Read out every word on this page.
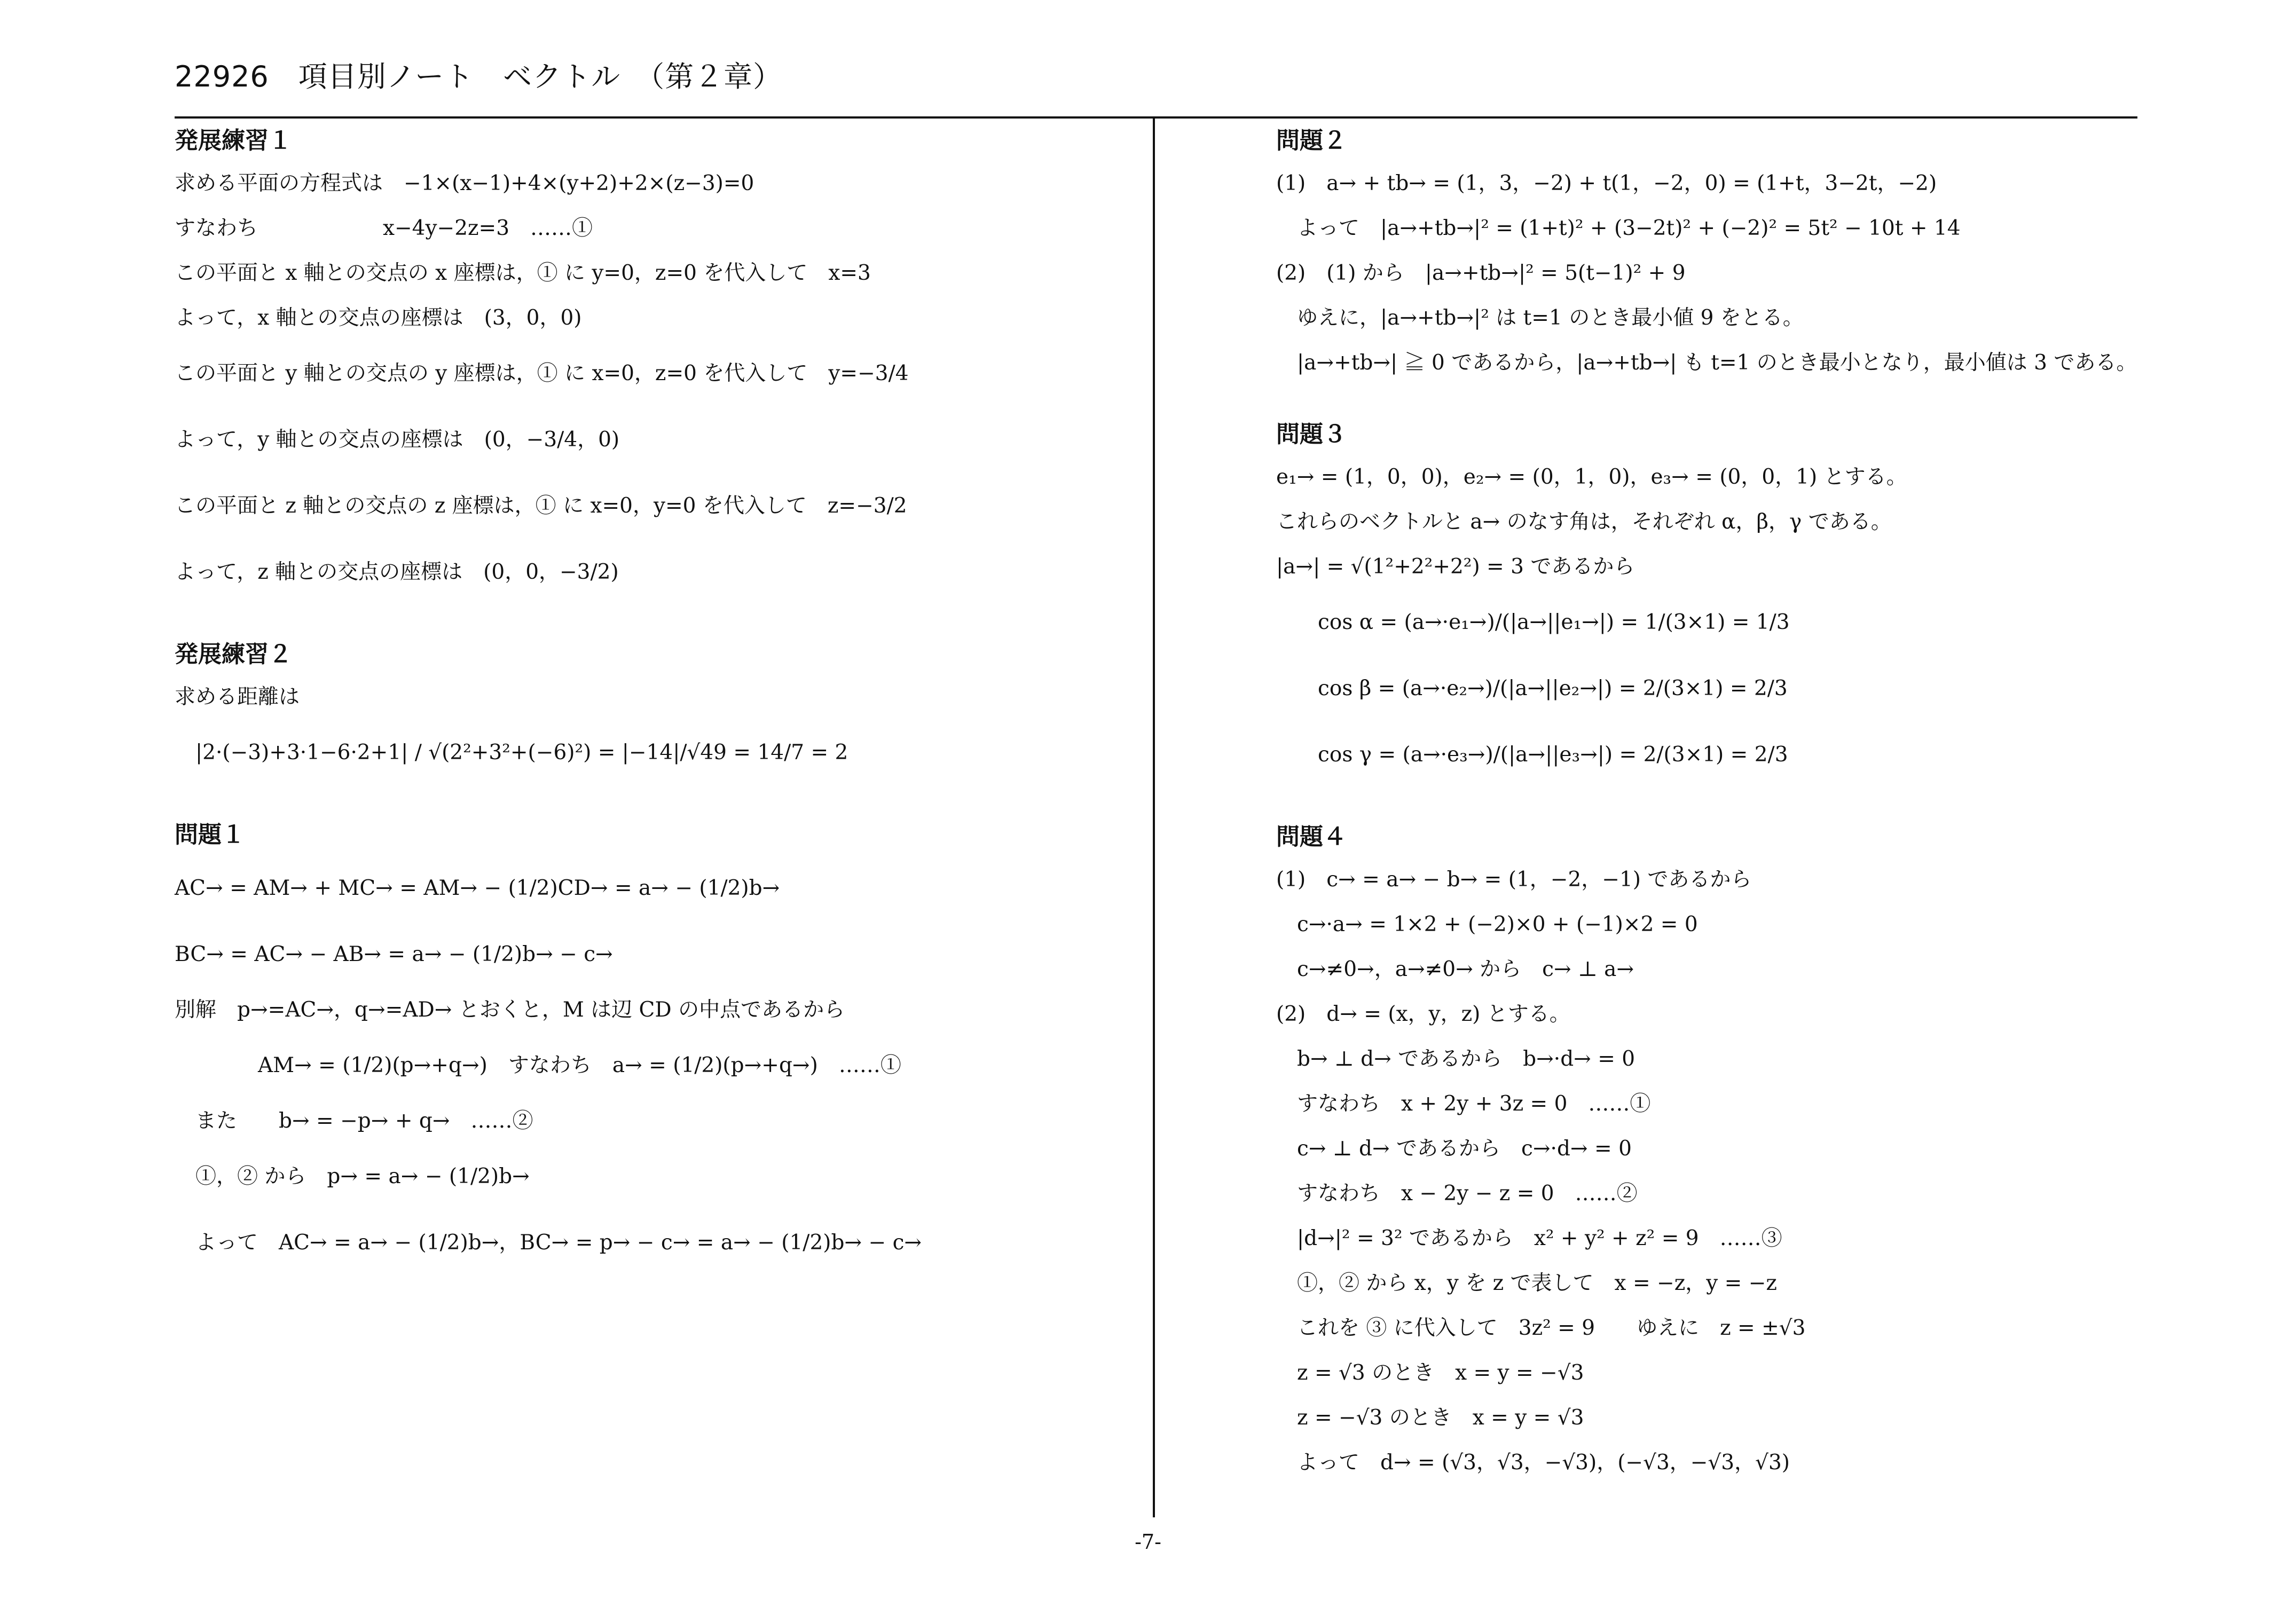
22926　項目別ノート　ベクトル　（第２章）
発展練習１
求める平面の方程式は　−1×(x−1)+4×(y+2)+2×(z−3)=0
すなわち　　　　　　x−4y−2z=3　……①
この平面と x 軸との交点の x 座標は，① に y=0，z=0 を代入して　x=3
よって，x 軸との交点の座標は　(3，0，0)
この平面と y 軸との交点の y 座標は，① に x=0，z=0 を代入して　y=−3/4
よって，y 軸との交点の座標は　(0，−3/4，0)
この平面と z 軸との交点の z 座標は，① に x=0，y=0 を代入して　z=−3/2
よって，z 軸との交点の座標は　(0，0，−3/2)
発展練習２
求める距離は
　|2·(−3)+3·1−6·2+1| / √(2²+3²+(−6)²) = |−14|/√49 = 14/7 = 2
問題１
AC→ = AM→ + MC→ = AM→ − (1/2)CD→ = a→ − (1/2)b→
BC→ = AC→ − AB→ = a→ − (1/2)b→ − c→
別解　p→=AC→，q→=AD→ とおくと，M は辺 CD の中点であるから
　　　　AM→ = (1/2)(p→+q→)　すなわち　a→ = (1/2)(p→+q→)　……①
　また　　b→ = −p→ + q→　……②
　①，② から　p→ = a→ − (1/2)b→
　よって　AC→ = a→ − (1/2)b→，BC→ = p→ − c→ = a→ − (1/2)b→ − c→
問題２
(1)　a→ + tb→ = (1，3，−2) + t(1，−2，0) = (1+t，3−2t，−2)
　よって　|a→+tb→|² = (1+t)² + (3−2t)² + (−2)² = 5t² − 10t + 14
(2)　(1) から　|a→+tb→|² = 5(t−1)² + 9
　ゆえに，|a→+tb→|² は t=1 のとき最小値 9 をとる。
　|a→+tb→| ≧ 0 であるから，|a→+tb→| も t=1 のとき最小となり，最小値は 3 である。
問題３
e₁→ = (1，0，0)，e₂→ = (0，1，0)，e₃→ = (0，0，1) とする。
これらのベクトルと a→ のなす角は，それぞれ α，β，γ である。
|a→| = √(1²+2²+2²) = 3 であるから
　　cos α = (a→·e₁→)/(|a→||e₁→|) = 1/(3×1) = 1/3
　　cos β = (a→·e₂→)/(|a→||e₂→|) = 2/(3×1) = 2/3
　　cos γ = (a→·e₃→)/(|a→||e₃→|) = 2/(3×1) = 2/3
問題４
(1)　c→ = a→ − b→ = (1，−2，−1) であるから
　c→·a→ = 1×2 + (−2)×0 + (−1)×2 = 0
　c→≠0→，a→≠0→ から　c→ ⊥ a→
(2)　d→ = (x，y，z) とする。
　b→ ⊥ d→ であるから　b→·d→ = 0
　すなわち　x + 2y + 3z = 0　……①
　c→ ⊥ d→ であるから　c→·d→ = 0
　すなわち　x − 2y − z = 0　……②
　|d→|² = 3² であるから　x² + y² + z² = 9　……③
　①，② から x，y を z で表して　x = −z，y = −z
　これを ③ に代入して　3z² = 9　　ゆえに　z = ±√3
　z = √3 のとき　x = y = −√3
　z = −√3 のとき　x = y = √3
　よって　d→ = (√3，√3，−√3)，(−√3，−√3，√3)
-7-
